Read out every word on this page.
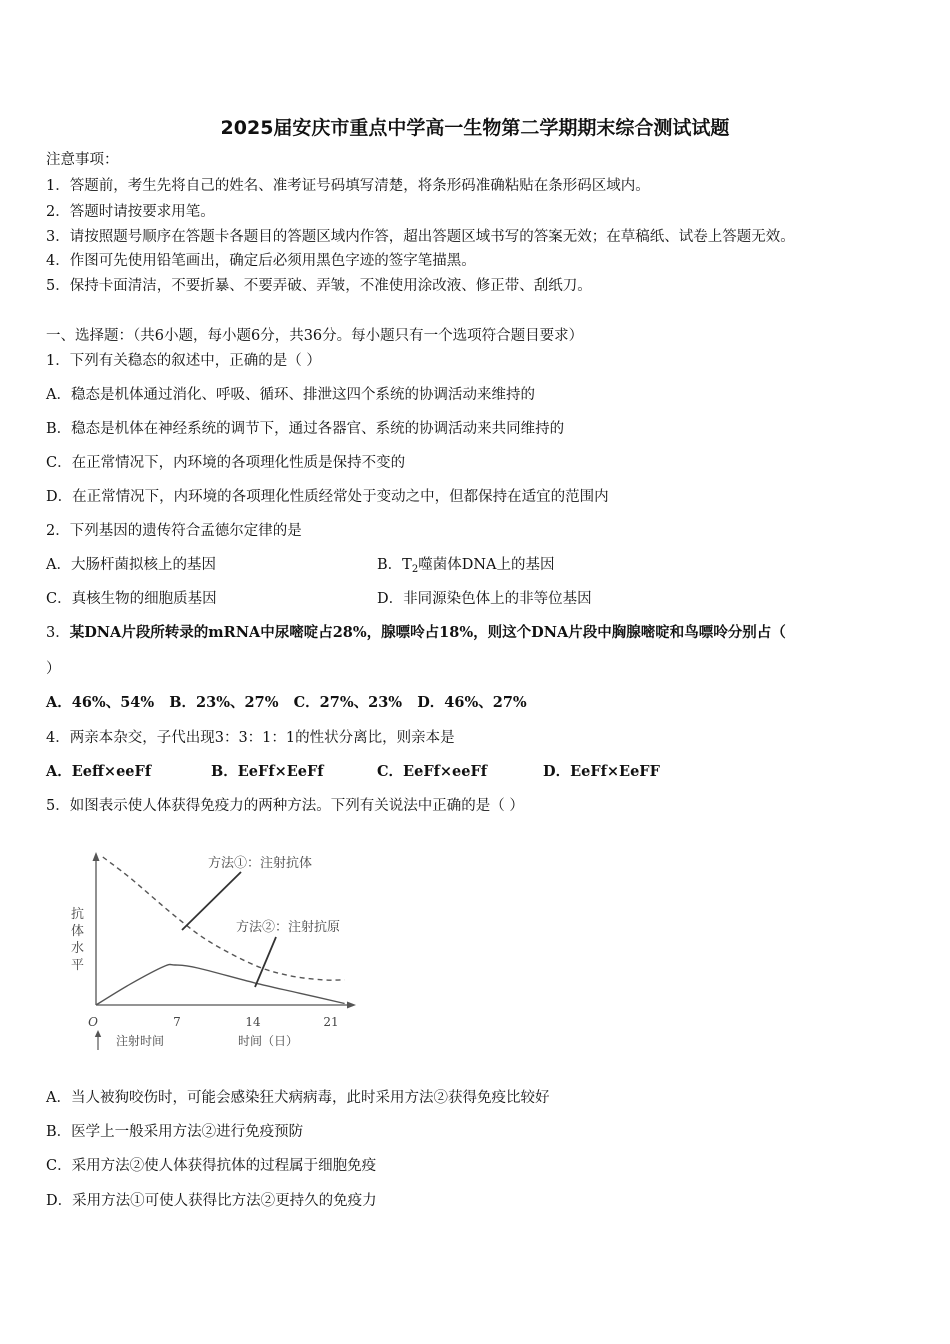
2025届安庆市重点中学高一生物第二学期期末综合测试试题
注意事项：
1．答题前，考生先将自己的姓名、准考证号码填写清楚，将条形码准确粘贴在条形码区域内。
2．答题时请按要求用笔。
3．请按照题号顺序在答题卡各题目的答题区域内作答，超出答题区域书写的答案无效；在草稿纸、试卷上答题无效。
4．作图可先使用铅笔画出，确定后必须用黑色字迹的签字笔描黑。
5．保持卡面清洁，不要折暴、不要弄破、弄皱，不准使用涂改液、修正带、刮纸刀。
一、选择题：（共6小题，每小题6分，共36分。每小题只有一个选项符合题目要求）
1．下列有关稳态的叙述中，正确的是（ ）
A．稳态是机体通过消化、呼吸、循环、排泄这四个系统的协调活动来维持的
B．稳态是机体在神经系统的调节下，通过各器官、系统的协调活动来共同维持的
C．在正常情况下，内环境的各项理化性质是保持不变的
D．在正常情况下，内环境的各项理化性质经常处于变动之中，但都保持在适宜的范围内
2．下列基因的遗传符合孟德尔定律的是
A．大肠杆菌拟核上的基因	B．$T_2$噬菌体DNA上的基因
C．真核生物的细胞质基因	D．非同源染色体上的非等位基因
3．某DNA片段所转录的mRNA中尿嘧啶占28%，腺嘌呤占18%，则这个DNA片段中胸腺嘧啶和鸟嘌呤分别占（
）
A．46%、54%   B．23%、27%   C．27%、23%   D．46%、27%
4．两亲本杂交，子代出现3：3：1：1的性状分离比，则亲本是
A．Eeff×eeFf	B．EeFf×EeFf	C．EeFf×eeFf	D．EeFf×EeFF
5．如图表示使人体获得免疫力的两种方法。下列有关说法中正确的是（ ）
抗
体
水
平
O	7	14	21
注射时间	时间（日）
方法①：注射抗体
方法②：注射抗原
A．当人被狗咬伤时，可能会感染狂犬病病毒，此时采用方法②获得免疫比较好
B．医学上一般采用方法②进行免疫预防
C．采用方法②使人体获得抗体的过程属于细胞免疫
D．采用方法①可使人获得比方法②更持久的免疫力
